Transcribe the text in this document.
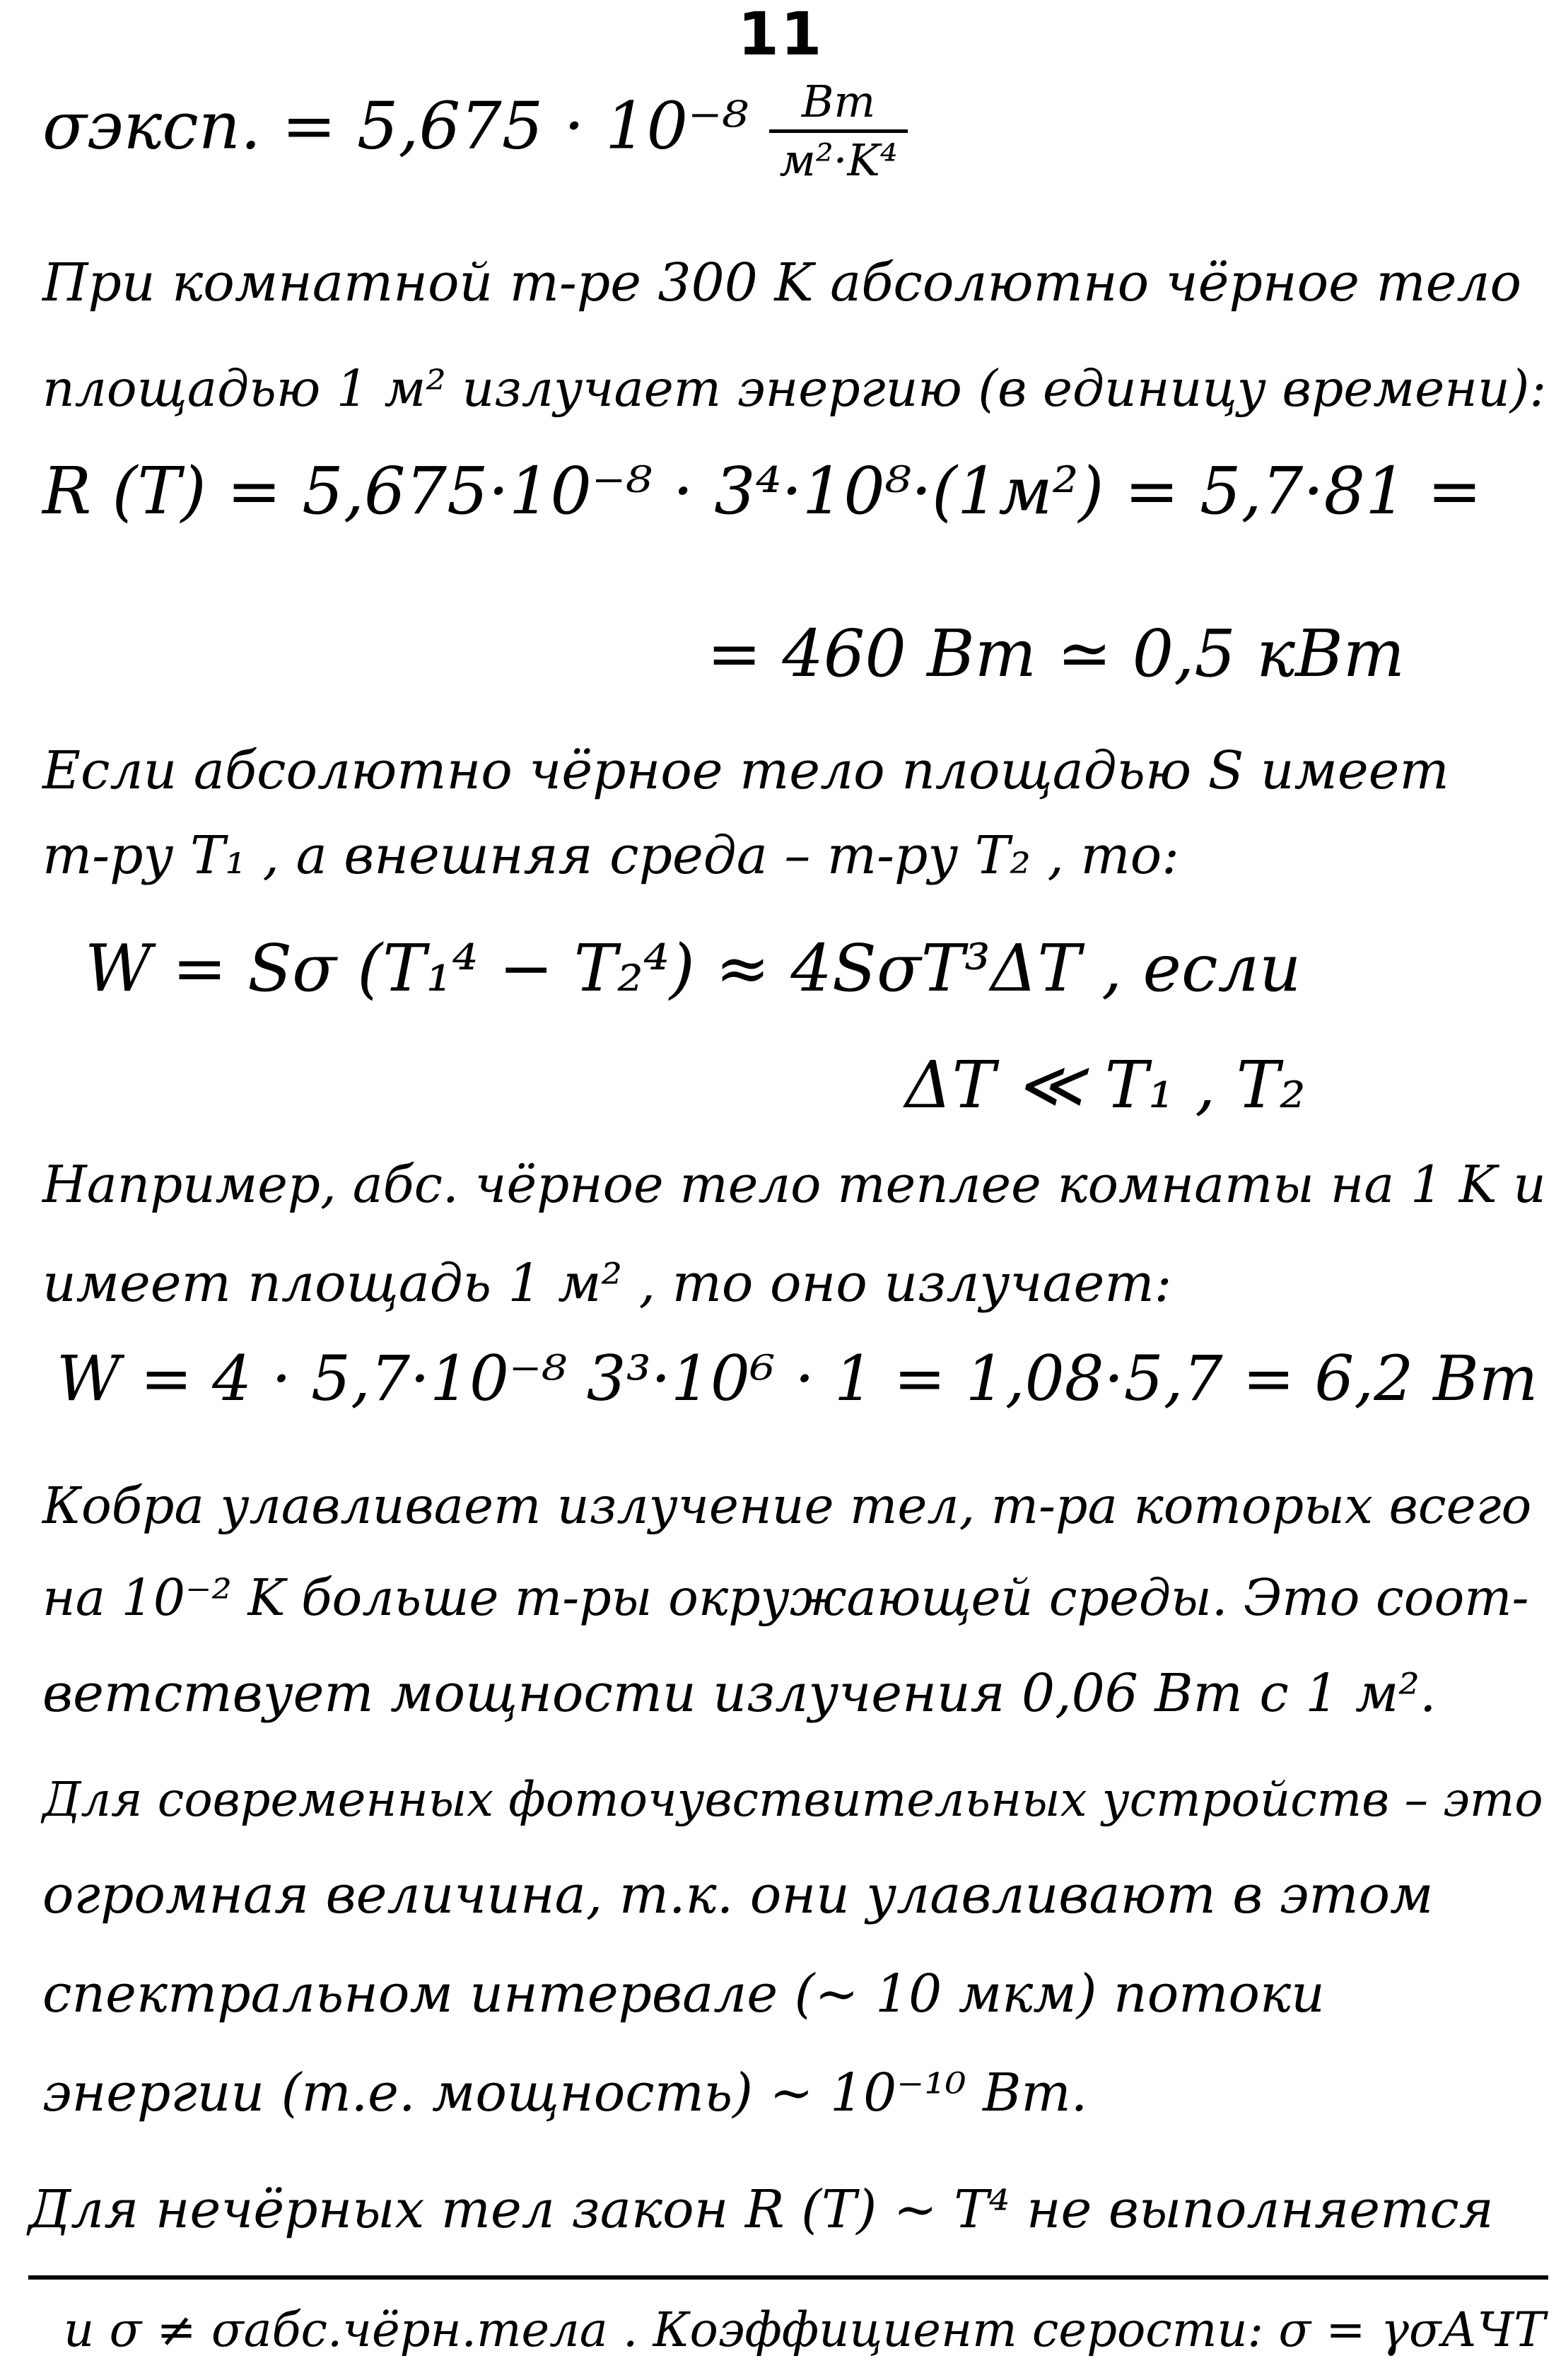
11
σэксп. = $5,675 \cdot 10^{-8} \frac{Вт}{\text{м²·K⁴}}$
При комнатной т-ре 300 K абсолютно чёрное тело
площадью 1 м² излучает энергию (в единицу времени):
R (T) = 5,675·10⁻⁸ · 3⁴·10⁸·(1м²) = 5,7·81 =
= 460 Вт ≃ 0,5 кВт
Если абсолютно чёрное тело площадью S имеет
т-ру T₁ , а внешняя среда – т-ру T₂ , то:
W = Sσ (T₁⁴ − T₂⁴) ≈ 4SσT³ΔT , если
ΔT ≪ T₁ , T₂
Например, абс. чёрное тело теплее комнаты на 1 K и
имеет площадь 1 м² , то оно излучает:
W = 4 · 5,7·10⁻⁸ 3³·10⁶ · 1 = 1,08·5,7 = 6,2 Вт
Кобра улавливает излучение тел, т-ра которых всего
на 10⁻² K больше т-ры окружающей среды. Это соот-
ветствует мощности излучения 0,06 Вт с 1 м².
Для современных фоточувствительных устройств – это
огромная величина, т.к. они улавливают в этом
спектральном интервале (~ 10 мкм) потоки
энергии (т.е. мощность) ~ 10⁻¹⁰ Вт.
Для нечёрных тел закон R (T) ~ T⁴ не выполняется
и σ ≠ σабс.чёрн.тела . Коэффициент серости: σ = γσАЧТ
